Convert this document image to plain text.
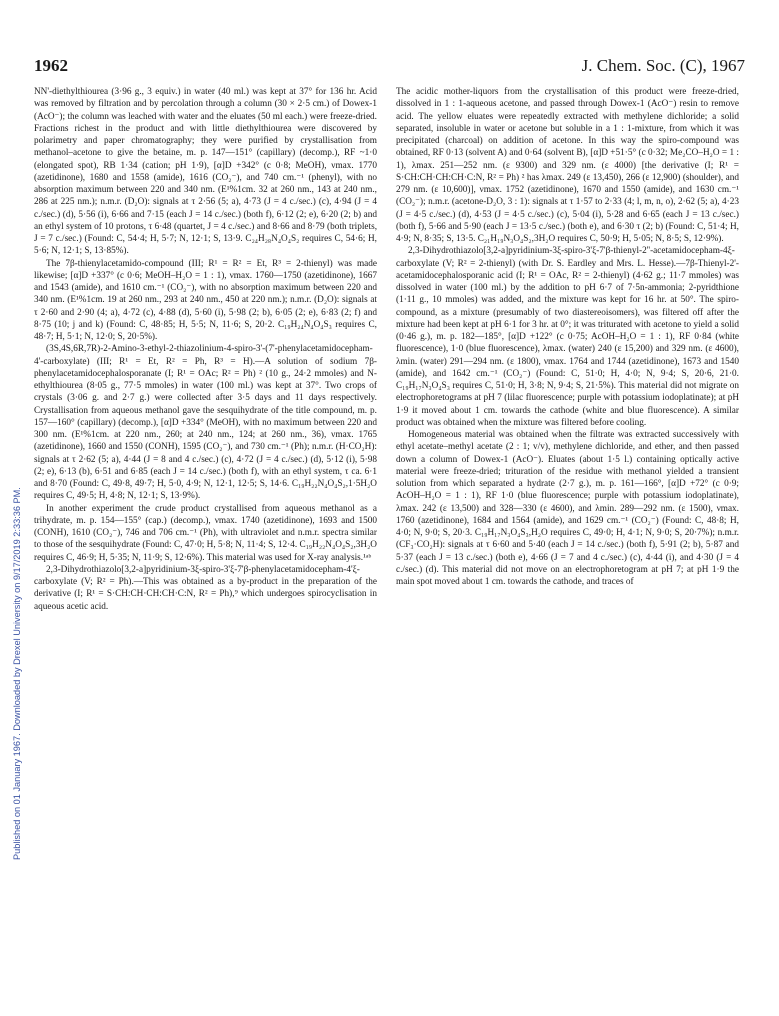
1962	J. Chem. Soc. (C), 1967
Published on 01 January 1967. Downloaded by Drexel University on 9/17/2019 2:33:36 PM.

NN'-diethylthiourea (3·96 g., 3 equiv.) in water (40 ml.) was kept at 37° for 136 hr. Acid was removed by filtration and by percolation through a column (30 × 2·5 cm.) of Dowex-1 (AcO⁻); the column was leached with water and the eluates (50 ml each.) were freeze-dried. Fractions richest in the product and with little diethylthiourea were discovered by polarimetry and paper chromatography; they were purified by crystallisation from methanol–acetone to give the betaine, m. p. 147—151° (capillary) (decomp.), RF ~1·0 (elongated spot), RB 1·34 (cation; pH 1·9), [α]D +342° (c 0·8; MeOH), νmax. 1770 (azetidinone), 1680 and 1558 (amide), 1616 (CO₂⁻), and 740 cm.⁻¹ (phenyl), with no absorption maximum between 220 and 340 nm. (E¹%1cm. 32 at 260 nm., 143 at 240 nm., 286 at 225 nm.); n.m.r. (D₂O): signals at τ 2·56 (5; a), 4·73 (J = 4 c./sec.) (c), 4·94 (J = 4 c./sec.) (d), 5·56 (i), 6·66 and 7·15 (each J = 14 c./sec.) (both f), 6·12 (2; e), 6·20 (2; b) and an ethyl system of 10 protons, τ 6·48 (quartet, J = 4 c./sec.) and 8·66 and 8·79 (both triplets, J = 7 c./sec.) (Found: C, 54·4; H, 5·7; N, 12·1; S, 13·9. C₂₄H₂₈N₄O₄S₂ requires C, 54·6; H, 5·6; N, 12·1; S, 13·85%).

The 7β-thienylacetamido-compound (III; R¹ = R² = Et, R³ = 2-thienyl) was made likewise; [α]D +337° (c 0·6; MeOH–H₂O = 1 : 1), νmax. 1760—1750 (azetidinone), 1667 and 1543 (amide), and 1610 cm.⁻¹ (CO₂⁻), with no absorption maximum between 220 and 340 nm. (E¹%1cm. 19 at 260 nm., 293 at 240 nm., 450 at 220 nm.); n.m.r. (D₂O): signals at τ 2·60 and 2·90 (4; a), 4·72 (c), 4·88 (d), 5·60 (i), 5·98 (2; b), 6·05 (2; e), 6·83 (2; f) and 8·75 (10; j and k) (Found: C, 48·85; H, 5·5; N, 11·6; S, 20·2. C₁₉H₂₄N₄O₄S₃ requires C, 48·7; H, 5·1; N, 12·0; S, 20·5%).

(3S,4S,6R,7R)-2-Amino-3-ethyl-2-thiazolinium-4-spiro-3'-(7'-phenylacetamidocepham-4'-carboxylate) (III; R¹ = Et, R² = Ph, R³ = H).—A solution of sodium 7β-phenylacetamidocephalosporanate (I; R¹ = OAc; R² = Ph) ² (10 g., 24·2 mmoles) and N-ethylthiourea (8·05 g., 77·5 mmoles) in water (100 ml.) was kept at 37°. Two crops of crystals (3·06 g. and 2·7 g.) were collected after 3·5 days and 11 days respectively. Crystallisation from aqueous methanol gave the sesquihydrate of the title compound, m. p. 157—160° (capillary) (decomp.), [α]D +334° (MeOH), with no maximum between 220 and 300 nm. (E¹%1cm. at 220 nm., 260; at 240 nm., 124; at 260 nm., 36), νmax. 1765 (azetidinone), 1660 and 1550 (CONH), 1595 (CO₂⁻), and 730 cm.⁻¹ (Ph); n.m.r. (H·CO₂H): signals at τ 2·62 (5; a), 4·44 (J = 8 and 4 c./sec.) (c), 4·72 (J = 4 c./sec.) (d), 5·12 (i), 5·98 (2; e), 6·13 (b), 6·51 and 6·85 (each J = 14 c./sec.) (both f), with an ethyl system, τ ca. 6·1 and 8·70 (Found: C, 49·8, 49·7; H, 5·0, 4·9; N, 12·1, 12·5; S, 14·6. C₁₉H₂₂N₄O₄S₂,1·5H₂O requires C, 49·5; H, 4·8; N, 12·1; S, 13·9%).

In another experiment the crude product crystallised from aqueous methanol as a trihydrate, m. p. 154—155° (cap.) (decomp.), νmax. 1740 (azetidinone), 1693 and 1500 (CONH), 1610 (CO₂⁻), 746 and 706 cm.⁻¹ (Ph), with ultraviolet and n.m.r. spectra similar to those of the sesquihydrate (Found: C, 47·0; H, 5·8; N, 11·4; S, 12·4. C₁₉H₂₂N₄O₄S₂,3H₂O requires C, 46·9; H, 5·35; N, 11·9; S, 12·6%). This material was used for X-ray analysis.¹ᵃᵇ

2,3-Dihydrothiazolo[3,2-a]pyridinium-3ξ-spiro-3'ξ-7'β-phenylacetamidocepham-4'ξ-carboxylate (V; R² = Ph).—This was obtained as a by-product in the preparation of the derivative (I; R¹ = S·CH:CH·CH:CH·C:N, R² = Ph),⁹ which undergoes spirocyclisation in aqueous acetic acid.

The acidic mother-liquors from the crystallisation of this product were freeze-dried, dissolved in 1 : 1-aqueous acetone, and passed through Dowex-1 (AcO⁻) resin to remove acid. The yellow eluates were repeatedly extracted with methylene dichloride; a solid separated, insoluble in water or acetone but soluble in a 1 : 1-mixture, from which it was precipitated (charcoal) on addition of acetone. In this way the spiro-compound was obtained, RF 0·13 (solvent A) and 0·64 (solvent B), [α]D +51·5° (c 0·32; Me₂CO–H₂O = 1 : 1), λmax. 251—252 nm. (ε 9300) and 329 nm. (ε 4000) [the derivative (I; R¹ = S·CH:CH·CH:CH·C:N, R² = Ph) ² has λmax. 249 (ε 13,450), 266 (ε 12,900) (shoulder), and 279 nm. (ε 10,600)], νmax. 1752 (azetidinone), 1670 and 1550 (amide), and 1630 cm.⁻¹ (CO₂⁻); n.m.r. (acetone-D₂O, 3 : 1): signals at τ 1·57 to 2·33 (4; l, m, n, o), 2·62 (5; a), 4·23 (J = 4·5 c./sec.) (d), 4·53 (J = 4·5 c./sec.) (c), 5·04 (i), 5·28 and 6·65 (each J = 13 c./sec.) (both f), 5·66 and 5·90 (each J = 13·5 c./sec.) (both e), and 6·30 τ (2; b) (Found: C, 51·4; H, 4·9; N, 8·35; S, 13·5. C₂₁H₁₉N₃O₄S₂,3H₂O requires C, 50·9; H, 5·05; N, 8·5; S, 12·9%).

2,3-Dihydrothiazolo[3,2-a]pyridinium-3ξ-spiro-3'ξ-7'β-thienyl-2''-acetamidocepham-4ξ-carboxylate (V; R² = 2-thienyl) (with Dr. S. Eardley and Mrs. L. Hesse).—7β-Thienyl-2'-acetamidocephalosporanic acid (I; R¹ = OAc, R² = 2-thienyl) (4·62 g.; 11·7 mmoles) was dissolved in water (100 ml.) by the addition to pH 6·7 of 7·5n-ammonia; 2-pyridthione (1·11 g., 10 mmoles) was added, and the mixture was kept for 16 hr. at 50°. The spiro-compound, as a mixture (presumably of two diastereoisomers), was filtered off after the mixture had been kept at pH 6·1 for 3 hr. at 0°; it was triturated with acetone to yield a solid (0·46 g.), m. p. 182—185°, [α]D +122° (c 0·75; AcOH–H₂O = 1 : 1), RF 0·84 (white fluorescence), 1·0 (blue fluorescence), λmax. (water) 240 (ε 15,200) and 329 nm. (ε 4600), λmin. (water) 291—294 nm. (ε 1800), νmax. 1764 and 1744 (azetidinone), 1673 and 1540 (amide), and 1642 cm.⁻¹ (CO₂⁻) (Found: C, 51·0; H, 4·0; N, 9·4; S, 20·6, 21·0. C₁₉H₁₇N₃O₄S₃ requires C, 51·0; H, 3·8; N, 9·4; S, 21·5%). This material did not migrate on electrophoretograms at pH 7 (lilac fluorescence; purple with potassium iodoplatinate); at pH 1·9 it moved about 1 cm. towards the cathode (white and blue fluorescence). A similar product was obtained when the mixture was filtered before cooling.

Homogeneous material was obtained when the filtrate was extracted successively with ethyl acetate–methyl acetate (2 : 1; v/v), methylene dichloride, and ether, and then passed down a column of Dowex-1 (AcO⁻). Eluates (about 1·5 l.) containing optically active material were freeze-dried; trituration of the residue with methanol yielded a transient solution from which separated a hydrate (2·7 g.), m. p. 161—166°, [α]D +72° (c 0·9; AcOH–H₂O = 1 : 1), RF 1·0 (blue fluorescence; purple with potassium iodoplatinate), λmax. 242 (ε 13,500) and 328—330 (ε 4600), and λmin. 289—292 nm. (ε 1500), νmax. 1760 (azetidinone), 1684 and 1564 (amide), and 1629 cm.⁻¹ (CO₂⁻) (Found: C, 48·8; H, 4·0; N, 9·0; S, 20·3. C₁₉H₁₇N₃O₄S₃,H₂O requires C, 49·0; H, 4·1; N, 9·0; S, 20·7%); n.m.r. (CF₃·CO₂H): signals at τ 6·60 and 5·40 (each J = 14 c./sec.) (both f), 5·91 (2; b), 5·87 and 5·37 (each J = 13 c./sec.) (both e), 4·66 (J = 7 and 4 c./sec.) (c), 4·44 (i), and 4·30 (J = 4 c./sec.) (d). This material did not move on an electrophoretogram at pH 7; at pH 1·9 the main spot moved about 1 cm. towards the cathode, and traces of
